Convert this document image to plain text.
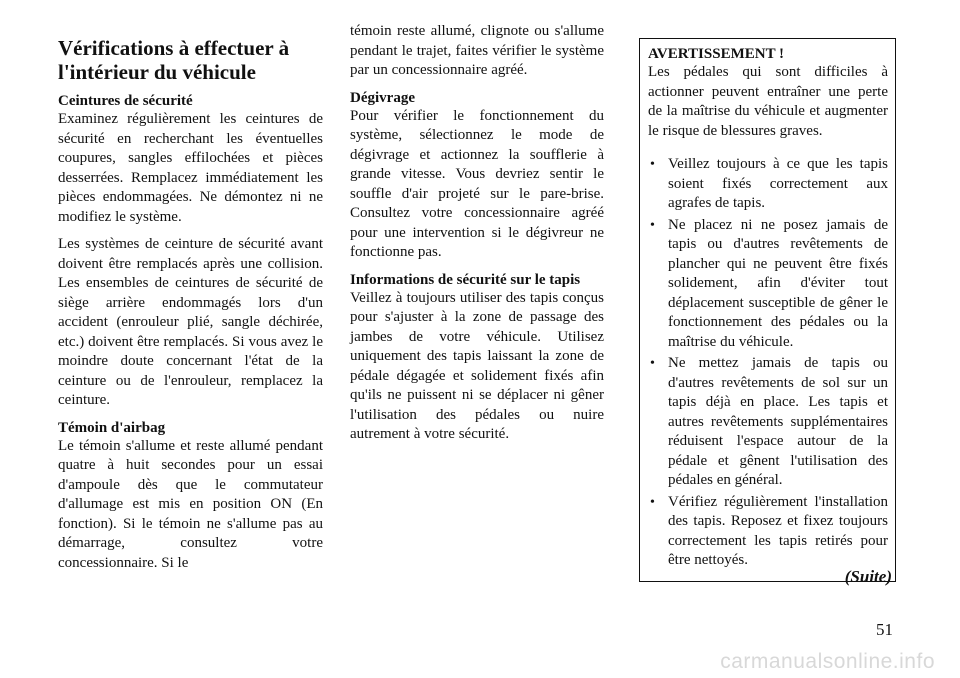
Vérifications à effectuer à l'intérieur du véhicule
Ceintures de sécurité

Examinez régulièrement les ceintures de sécurité en recherchant les éventuelles coupures, sangles effilochées et pièces desserrées. Remplacez immédiatement les pièces endommagées. Ne démontez ni ne modifiez le système.

Les systèmes de ceinture de sécurité avant doivent être remplacés après une collision. Les ensembles de ceintures de sécurité de siège arrière endommagés lors d'un accident (enrouleur plié, sangle déchirée, etc.) doivent être remplacés. Si vous avez le moindre doute concernant l'état de la ceinture ou de l'enrouleur, remplacez la ceinture.

Témoin d'airbag

Le témoin s'allume et reste allumé pendant quatre à huit secondes pour un essai d'ampoule dès que le commutateur d'allumage est mis en position ON (En fonction). Si le témoin ne s'allume pas au démarrage, consultez votre concessionnaire. Si le

témoin reste allumé, clignote ou s'allume pendant le trajet, faites vérifier le système par un concessionnaire agréé.

Dégivrage

Pour vérifier le fonctionnement du système, sélectionnez le mode de dégivrage et actionnez la soufflerie à grande vitesse. Vous devriez sentir le souffle d'air projeté sur le pare-brise. Consultez votre concessionnaire agréé pour une intervention si le dégivreur ne fonctionne pas.

Informations de sécurité sur le tapis

Veillez à toujours utiliser des tapis conçus pour s'ajuster à la zone de passage des jambes de votre véhicule. Utilisez uniquement des tapis laissant la zone de pédale dégagée et solidement fixés afin qu'ils ne puissent ni se déplacer ni gêner l'utilisation des pédales ou nuire autrement à votre sécurité.

AVERTISSEMENT !

Les pédales qui sont difficiles à actionner peuvent entraîner une perte de la maîtrise du véhicule et augmenter le risque de blessures graves.

• Veillez toujours à ce que les tapis soient fixés correctement aux agrafes de tapis.
• Ne placez ni ne posez jamais de tapis ou d'autres revêtements de plancher qui ne peuvent être fixés solidement, afin d'éviter tout déplacement susceptible de gêner le fonctionnement des pédales ou la maîtrise du véhicule.
• Ne mettez jamais de tapis ou d'autres revêtements de sol sur un tapis déjà en place. Les tapis et autres revêtements supplémentaires réduisent l'espace autour de la pédale et gênent l'utilisation des pédales en général.
• Vérifiez régulièrement l'installation des tapis. Reposez et fixez toujours correctement les tapis retirés pour être nettoyés.
(Suite)
51
carmanualsonline.info
